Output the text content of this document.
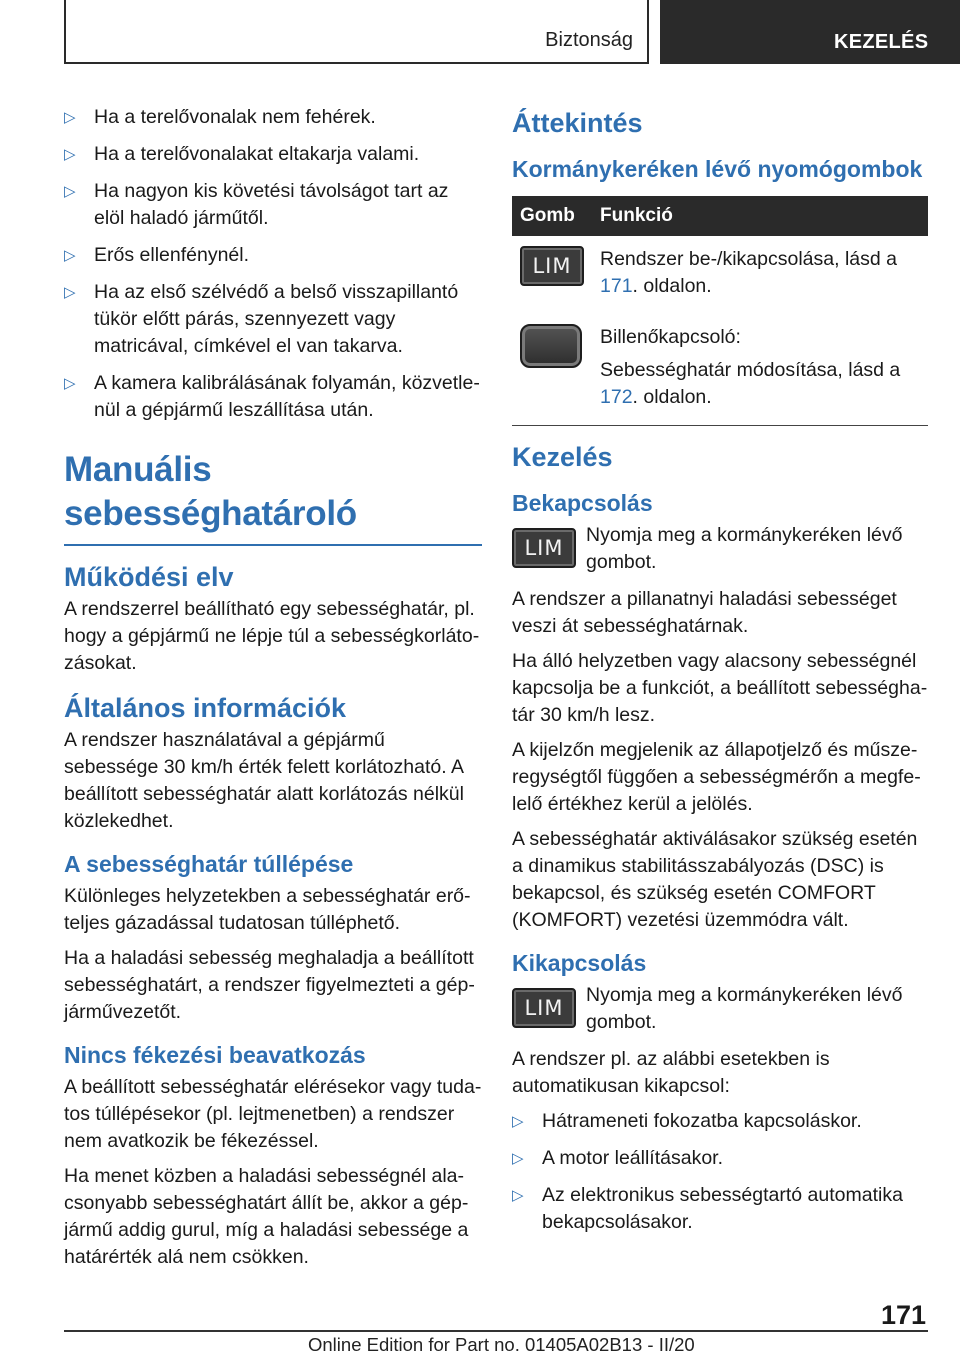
Biztonság	KEZELÉS
▷ Ha a terelővonalak nem fehérek.
▷ Ha a terelővonalakat eltakarja valami.
▷ Ha nagyon kis követési távolságot tart az elöl haladó járműtől.
▷ Erős ellenfénynél.
▷ Ha az első szélvédő a belső visszapillantó tükör előtt párás, szennyezett vagy matricával, címkével el van takarva.
▷ A kamera kalibrálásának folyamán, közvetlenül a gépjármű leszállítása után.
Manuális sebességhatároló
Működési elv

A rendszerrel beállítható egy sebességhatár, pl. hogy a gépjármű ne lépje túl a sebességkorlátozásokat.

Általános információk

A rendszer használatával a gépjármű sebessége 30 km/h érték felett korlátozható. A beállított sebességhatár alatt korlátozás nélkül közlekedhet.

A sebességhatár túllépése

Különleges helyzetekben a sebességhatár erőteljes gázadással tudatosan túlléphető.

Ha a haladási sebesség meghaladja a beállított sebességhatárt, a rendszer figyelmezteti a gépjárművezetőt.

Nincs fékezési beavatkozás

A beállított sebességhatár elérésekor vagy tudatos túllépésekor (pl. lejtmenetben) a rendszer nem avatkozik be fékezéssel.

Ha menet közben a haladási sebességnél alacsonyabb sebességhatárt állít be, akkor a gépjármű addig gurul, míg a haladási sebessége a határérték alá nem csökken.

Áttekintés
Kormánykeréken lévő nyomógombok
Gomb	Funkció
LIM	Rendszer be-/kikapcsolása, lásd a 171. oldalon.

	Billenőkapcsoló:

Sebességhatár módosítása, lásd a 172. oldalon.

Kezelés
Bekapcsolás
LIM

Nyomja meg a kormánykeréken lévő gombot.

A rendszer a pillanatnyi haladási sebességet veszi át sebességhatárnak.

Ha álló helyzetben vagy alacsony sebességnél kapcsolja be a funkciót, a beállított sebességhatár 30 km/h lesz.

A kijelzőn megjelenik az állapotjelző és műszeregységtől függően a sebességmérőn a megfelelő értékhez kerül a jelölés.

A sebességhatár aktiválásakor szükség esetén a dinamikus stabilitásszabályozás (DSC) is bekapcsol, és szükség esetén COMFORT (KOMFORT) vezetési üzemmódra vált.

Kikapcsolás
LIM

Nyomja meg a kormánykeréken lévő gombot.

A rendszer pl. az alábbi esetekben is automatikusan kikapcsol:

▷ Hátrameneti fokozatba kapcsoláskor.
▷ A motor leállításakor.
▷ Az elektronikus sebességtartó automatika bekapcsolásakor.
171
Online Edition for Part no. 01405A02B13 - II/20
